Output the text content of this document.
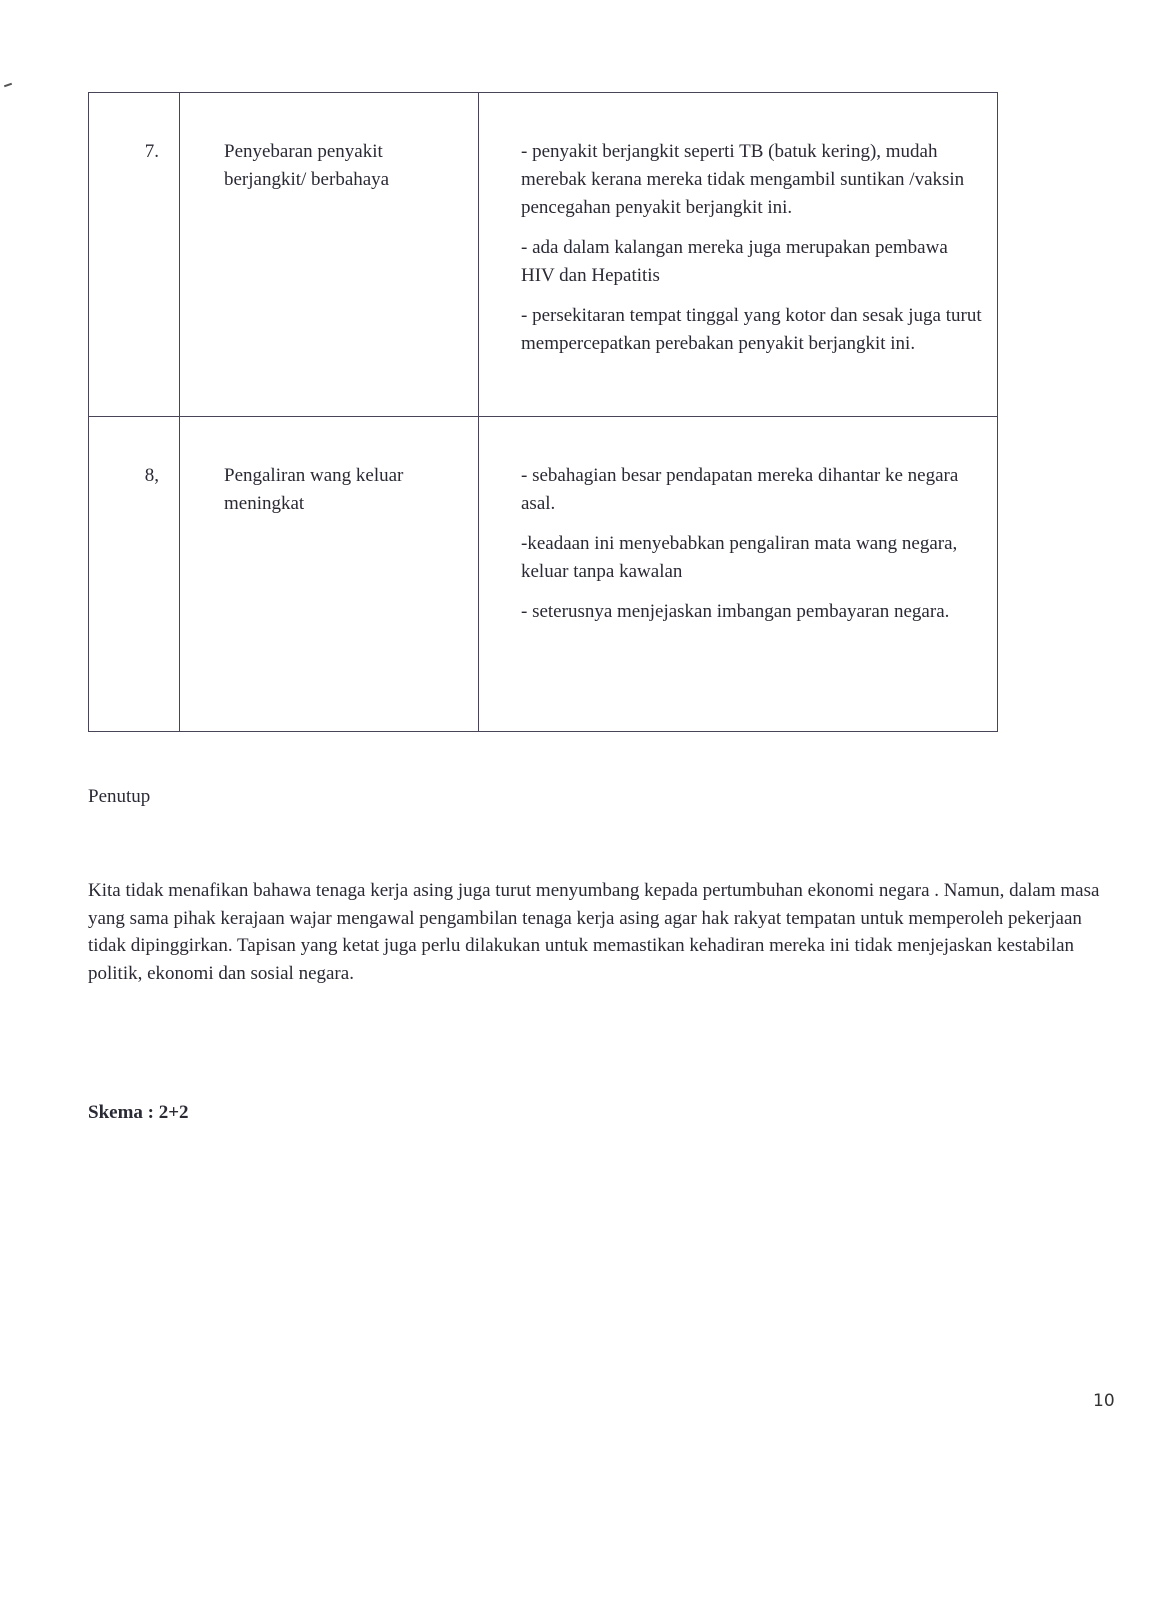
7.	Penyebaran penyakit berjangkit/ berbahaya	- penyakit berjangkit seperti TB (batuk kering), mudah merebak kerana mereka tidak mengambil suntikan /vaksin pencegahan penyakit berjangkit ini.

- ada dalam kalangan mereka juga merupakan pembawa HIV dan Hepatitis

- persekitaran tempat tinggal yang kotor dan sesak juga turut mempercepatkan perebakan penyakit berjangkit ini.

8,	Pengaliran wang keluar meningkat	- sebahagian besar pendapatan mereka dihantar ke negara asal.

-keadaan ini menyebabkan pengaliran mata wang negara, keluar tanpa kawalan

- seterusnya menjejaskan imbangan pembayaran negara.

Penutup

Kita tidak menafikan bahawa tenaga kerja asing juga turut menyumbang kepada pertumbuhan ekonomi negara . Namun, dalam masa yang sama pihak kerajaan wajar mengawal pengambilan tenaga kerja asing agar hak rakyat tempatan untuk memperoleh pekerjaan tidak dipinggirkan. Tapisan yang ketat juga perlu dilakukan untuk memastikan kehadiran mereka ini tidak menjejaskan kestabilan politik, ekonomi dan sosial negara.

Skema : 2+2
10
